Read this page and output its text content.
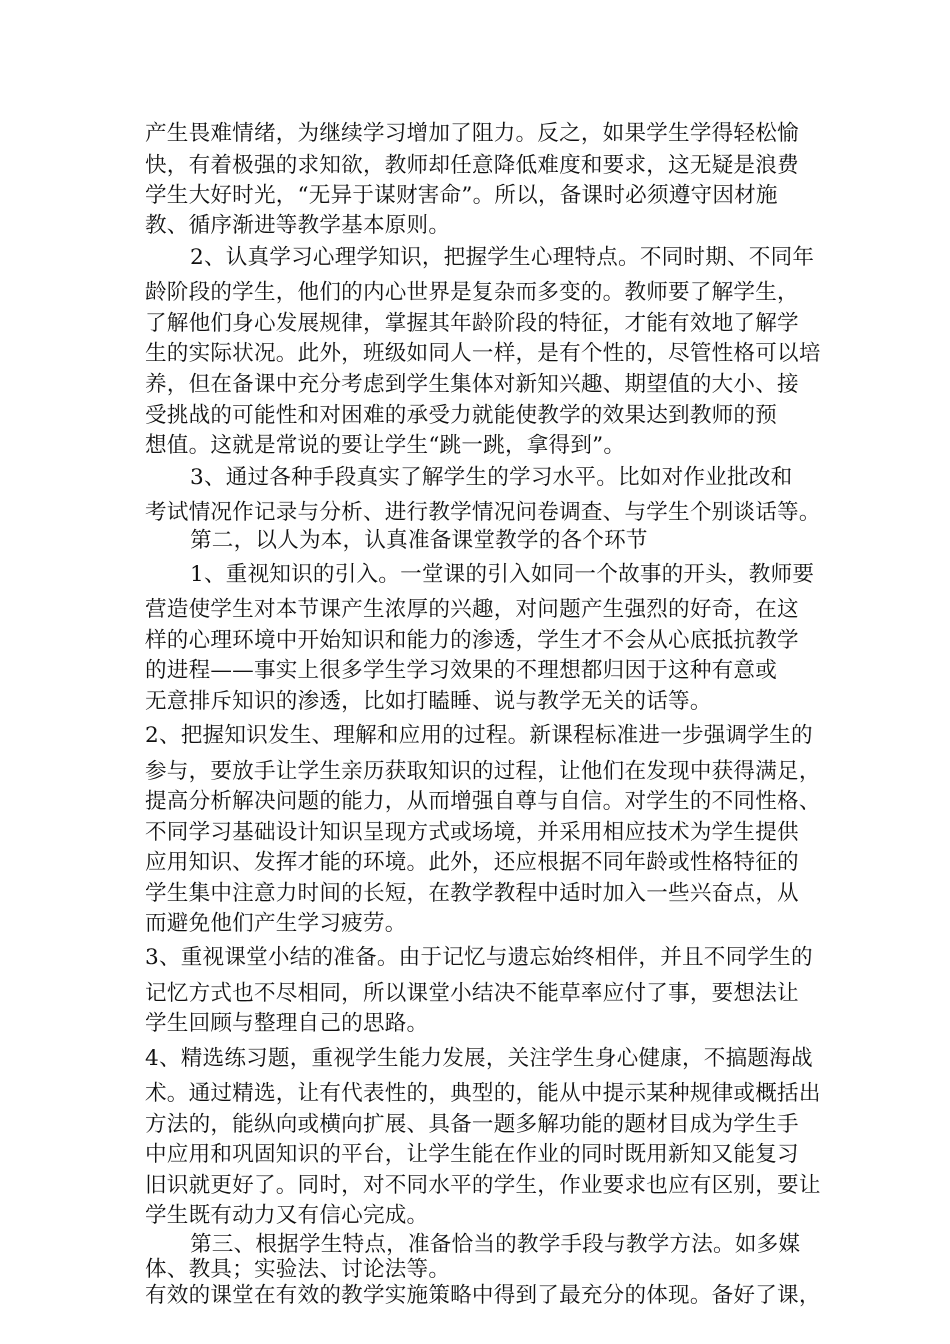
产生畏难情绪，为继续学习增加了阻力。反之，如果学生学得轻松愉
快，有着极强的求知欲，教师却任意降低难度和要求，这无疑是浪费
学生大好时光，“无异于谋财害命”。所以，备课时必须遵守因材施
教、循序渐进等教学基本原则。
2、认真学习心理学知识，把握学生心理特点。不同时期、不同年
龄阶段的学生，他们的内心世界是复杂而多变的。教师要了解学生，
了解他们身心发展规律，掌握其年龄阶段的特征，才能有效地了解学
生的实际状况。此外，班级如同人一样，是有个性的，尽管性格可以培
养，但在备课中充分考虑到学生集体对新知兴趣、期望值的大小、接
受挑战的可能性和对困难的承受力就能使教学的效果达到教师的预
想值。这就是常说的要让学生“跳一跳，拿得到”。
3、通过各种手段真实了解学生的学习水平。比如对作业批改和
考试情况作记录与分析、进行教学情况问卷调查、与学生个别谈话等。
第二，以人为本，认真准备课堂教学的各个环节
1、重视知识的引入。一堂课的引入如同一个故事的开头，教师要
营造使学生对本节课产生浓厚的兴趣，对问题产生强烈的好奇，在这
样的心理环境中开始知识和能力的渗透，学生才不会从心底抵抗教学
的进程——事实上很多学生学习效果的不理想都归因于这种有意或
无意排斥知识的渗透，比如打瞌睡、说与教学无关的话等。
2、把握知识发生、理解和应用的过程。新课程标准进一步强调学生的
参与，要放手让学生亲历获取知识的过程，让他们在发现中获得满足，
提高分析解决问题的能力，从而增强自尊与自信。对学生的不同性格、
不同学习基础设计知识呈现方式或场境，并采用相应技术为学生提供
应用知识、发挥才能的环境。此外，还应根据不同年龄或性格特征的
学生集中注意力时间的长短，在教学教程中适时加入一些兴奋点，从
而避免他们产生学习疲劳。
3、重视课堂小结的准备。由于记忆与遗忘始终相伴，并且不同学生的
记忆方式也不尽相同，所以课堂小结决不能草率应付了事，要想法让
学生回顾与整理自己的思路。
4、精选练习题，重视学生能力发展，关注学生身心健康，不搞题海战
术。通过精选，让有代表性的，典型的，能从中提示某种规律或概括出
方法的，能纵向或横向扩展、具备一题多解功能的题材目成为学生手
中应用和巩固知识的平台，让学生能在作业的同时既用新知又能复习
旧识就更好了。同时，对不同水平的学生，作业要求也应有区别，要让
学生既有动力又有信心完成。
第三、根据学生特点，准备恰当的教学手段与教学方法。如多媒
体、教具；实验法、讨论法等。
有效的课堂在有效的教学实施策略中得到了最充分的体现。备好了课，
